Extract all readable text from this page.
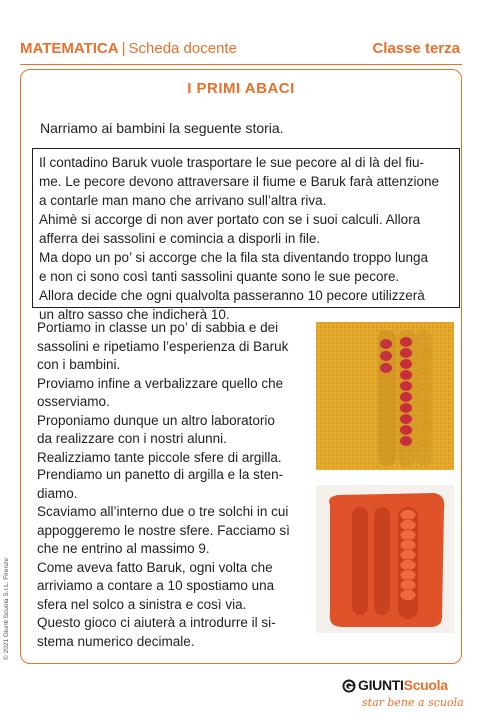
MATEMATICA | Scheda docente	Classe terza
I PRIMI ABACI
Narriamo ai bambini la seguente storia.

Il contadino Baruk vuole trasportare le sue pecore al di là del fiu-

me. Le pecore devono attraversare il fiume e Baruk farà attenzione

a contarle man mano che arrivano sull’altra riva.

Ahimè si accorge di non aver portato con se i suoi calculi. Allora

afferra dei sassolini e comincia a disporli in file.

Ma dopo un po’ si accorge che la fila sta diventando troppo lunga

e non ci sono così tanti sassolini quante sono le sue pecore.

Allora decide che ogni qualvolta passeranno 10 pecore utilizzerà

un altro sasso che indicherà 10.

Portiamo in classe un po’ di sabbia e dei

sassolini e ripetiamo l’esperienza di Baruk

con i bambini.

Proviamo infine a verbalizzare quello che

osserviamo.

Proponiamo dunque un altro laboratorio

da realizzare con i nostri alunni.

Realizziamo tante piccole sfere di argilla.

Prendiamo un panetto di argilla e la sten-

diamo.

Scaviamo all’interno due o tre solchi in cui

appoggeremo le nostre sfere. Facciamo sì

che ne entrino al massimo 9.

Come aveva fatto Baruk, ogni volta che

arriviamo a contare a 10 spostiamo una

sfera nel solco a sinistra e così via.

Questo gioco ci aiuterà a introdurre il si-

stema numerico decimale.

© 2021 Giunti Scuola S.r.L. Firenze
GIUNTIScuola
star bene a scuola
